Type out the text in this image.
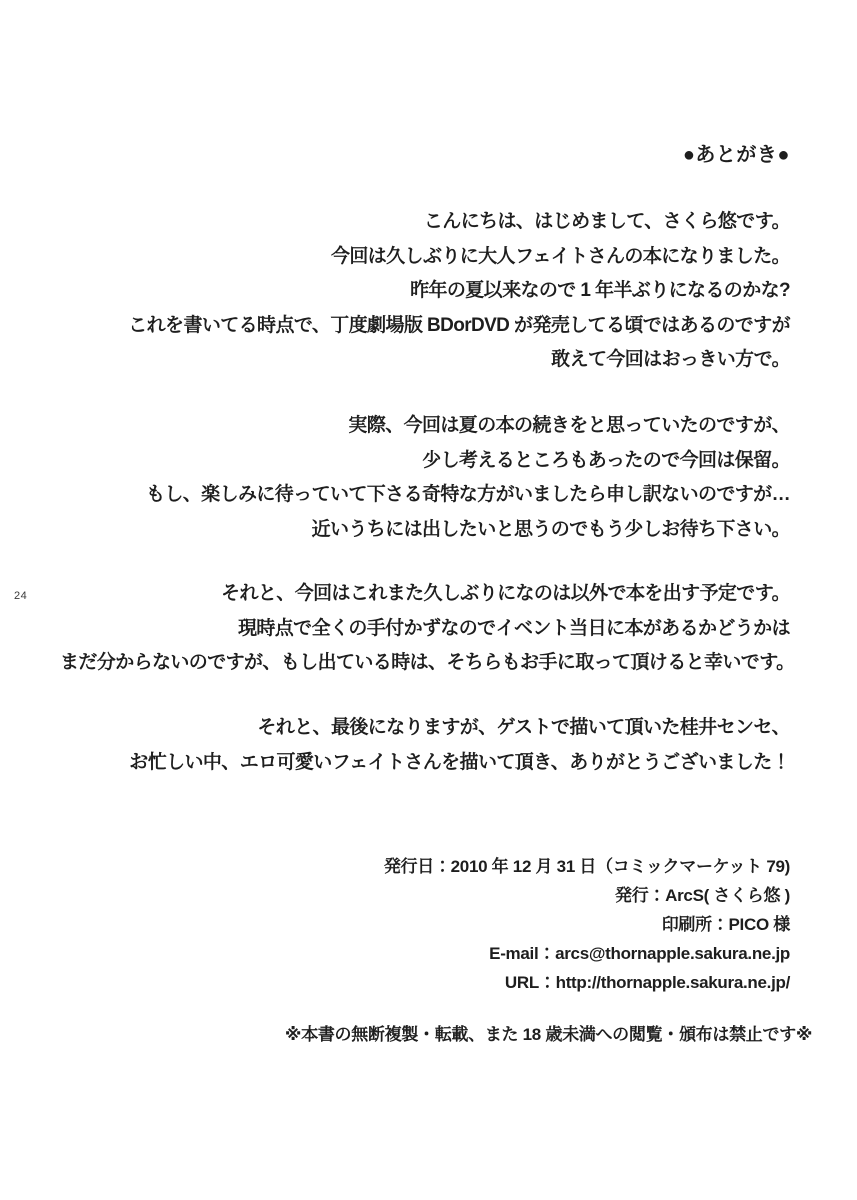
24
●あとがき●
こんにちは、はじめまして、さくら悠です。
今回は久しぶりに大人フェイトさんの本になりました。
昨年の夏以来なので 1 年半ぶりになるのかな?
これを書いてる時点で、丁度劇場版 BDorDVD が発売してる頃ではあるのですが
敢えて今回はおっきい方で。
実際、今回は夏の本の続きをと思っていたのですが、
少し考えるところもあったので今回は保留。
もし、楽しみに待っていて下さる奇特な方がいましたら申し訳ないのですが…
近いうちには出したいと思うのでもう少しお待ち下さい。
それと、今回はこれまた久しぶりになのは以外で本を出す予定です。
現時点で全くの手付かずなのでイベント当日に本があるかどうかは
まだ分からないのですが、もし出ている時は、そちらもお手に取って頂けると幸いです。
それと、最後になりますが、ゲストで描いて頂いた桂井センセ、
お忙しい中、エロ可愛いフェイトさんを描いて頂き、ありがとうございました！
発行日：2010 年 12 月 31 日（コミックマーケット 79)
発行：ArcS( さくら悠 )
印刷所：PICO 様
E-mail：arcs@thornapple.sakura.ne.jp
URL：http://thornapple.sakura.ne.jp/
※本書の無断複製・転載、また 18 歳未満への閲覧・頒布は禁止です※
